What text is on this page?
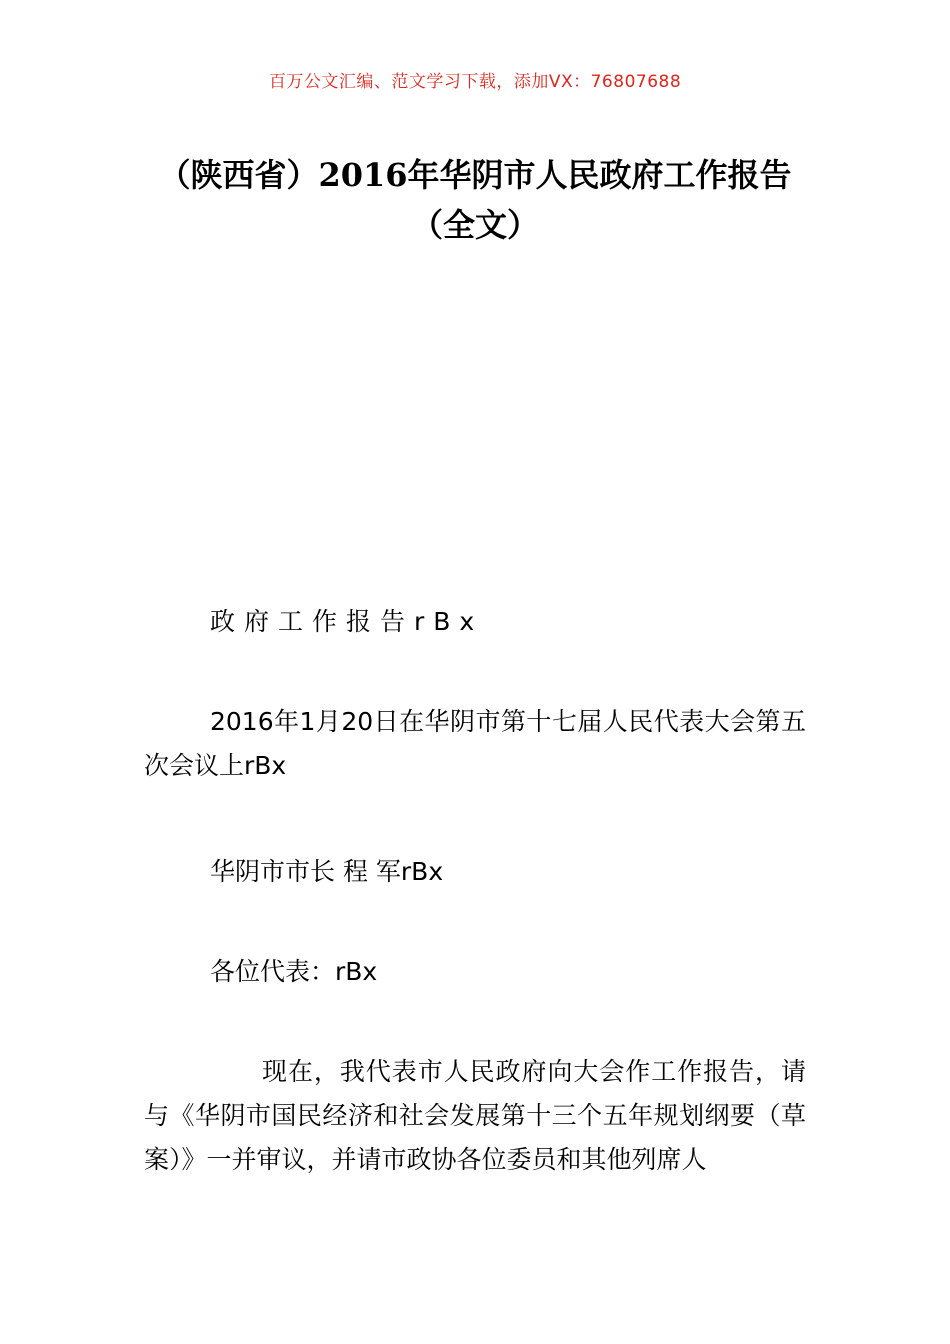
百万公文汇编、范文学习下载，添加VX：76807688
（陕西省）2016年华阴市人民政府工作报告（全文）
政府工作报告rBx
2016年1月20日在华阴市第十七届人民代表大会第五次会议上rBx
华阴市市长 程 军rBx
各位代表：rBx
现在，我代表市人民政府向大会作工作报告，请与《华阴市国民经济和社会发展第十三个五年规划纲要（草案）》一并审议，并请市政协各位委员和其他列席人
